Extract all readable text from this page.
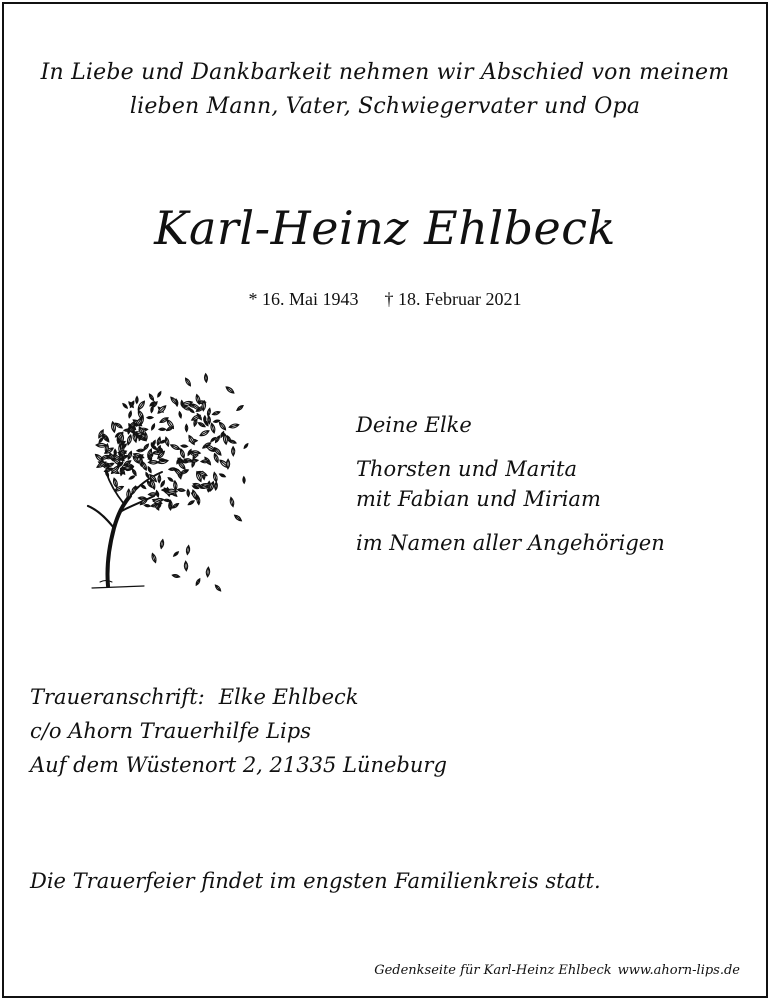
In Liebe und Dankbarkeit nehmen wir Abschied von meinem
lieben Mann, Vater, Schwiegervater und Opa
Karl-Heinz Ehlbeck
* 16. Mai 1943 † 18. Februar 2021
Deine Elke
Thorsten und Marita
mit Fabian und Miriam
im Namen aller Angehörigen
Traueranschrift: Elke Ehlbeck
c/o Ahorn Trauerhilfe Lips
Auf dem Wüstenort 2, 21335 Lüneburg
Die Trauerfeier findet im engsten Familienkreis statt.
Gedenkseite für Karl-Heinz Ehlbeck www.ahorn-lips.de
